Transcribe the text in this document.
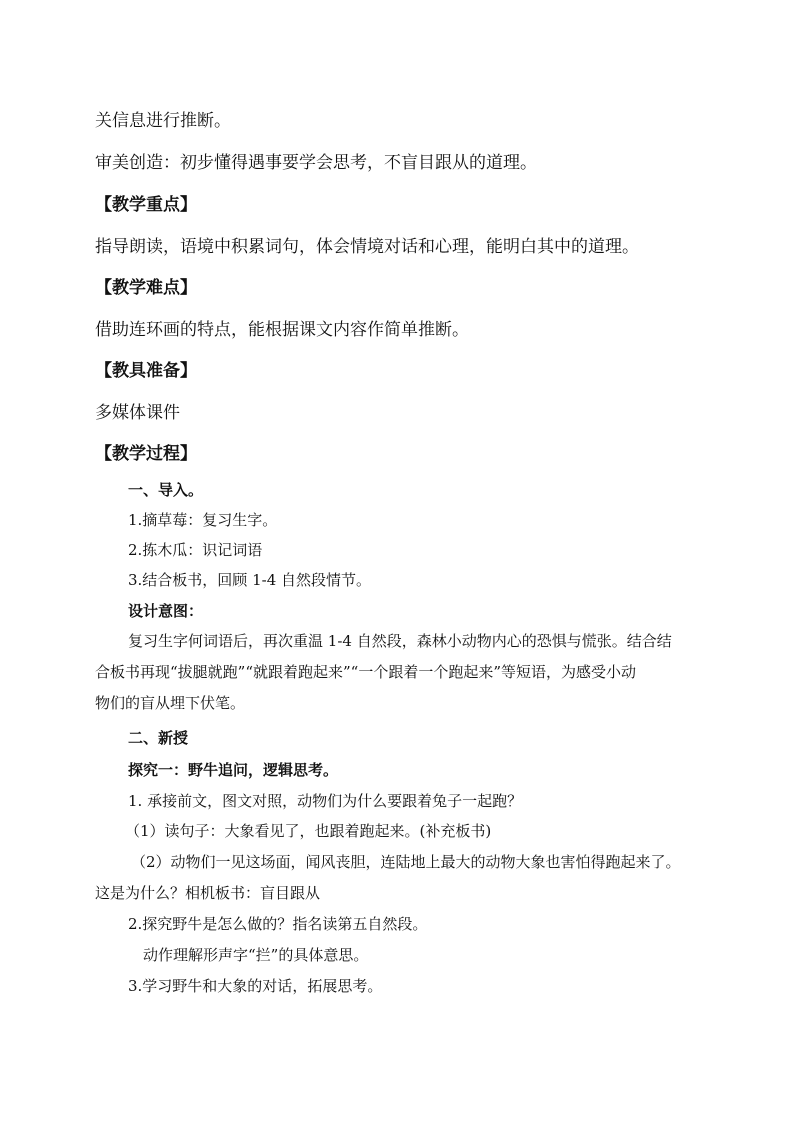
关信息进行推断。
审美创造：初步懂得遇事要学会思考，不盲目跟从的道理。
【教学重点】
指导朗读，语境中积累词句，体会情境对话和心理，能明白其中的道理。
【教学难点】
借助连环画的特点，能根据课文内容作简单推断。
【教具准备】
多媒体课件
【教学过程】
一、导入。
1.摘草莓：复习生字。
2.拣木瓜：识记词语
3.结合板书，回顾 1-4 自然段情节。
设计意图：
复习生字何词语后，再次重温 1-4 自然段，森林小动物内心的恐惧与慌张。结合结
合板书再现“拔腿就跑”“就跟着跑起来”“一个跟着一个跑起来”等短语，为感受小动
物们的盲从埋下伏笔。
二、新授
探究一：野牛追问，逻辑思考。
1. 承接前文，图文对照，动物们为什么要跟着兔子一起跑？
（1）读句子：大象看见了，也跟着跑起来。(补充板书)
（2）动物们一见这场面，闻风丧胆，连陆地上最大的动物大象也害怕得跑起来了。
这是为什么？相机板书：盲目跟从
2.探究野牛是怎么做的？指名读第五自然段。
动作理解形声字“拦”的具体意思。
3.学习野牛和大象的对话，拓展思考。
